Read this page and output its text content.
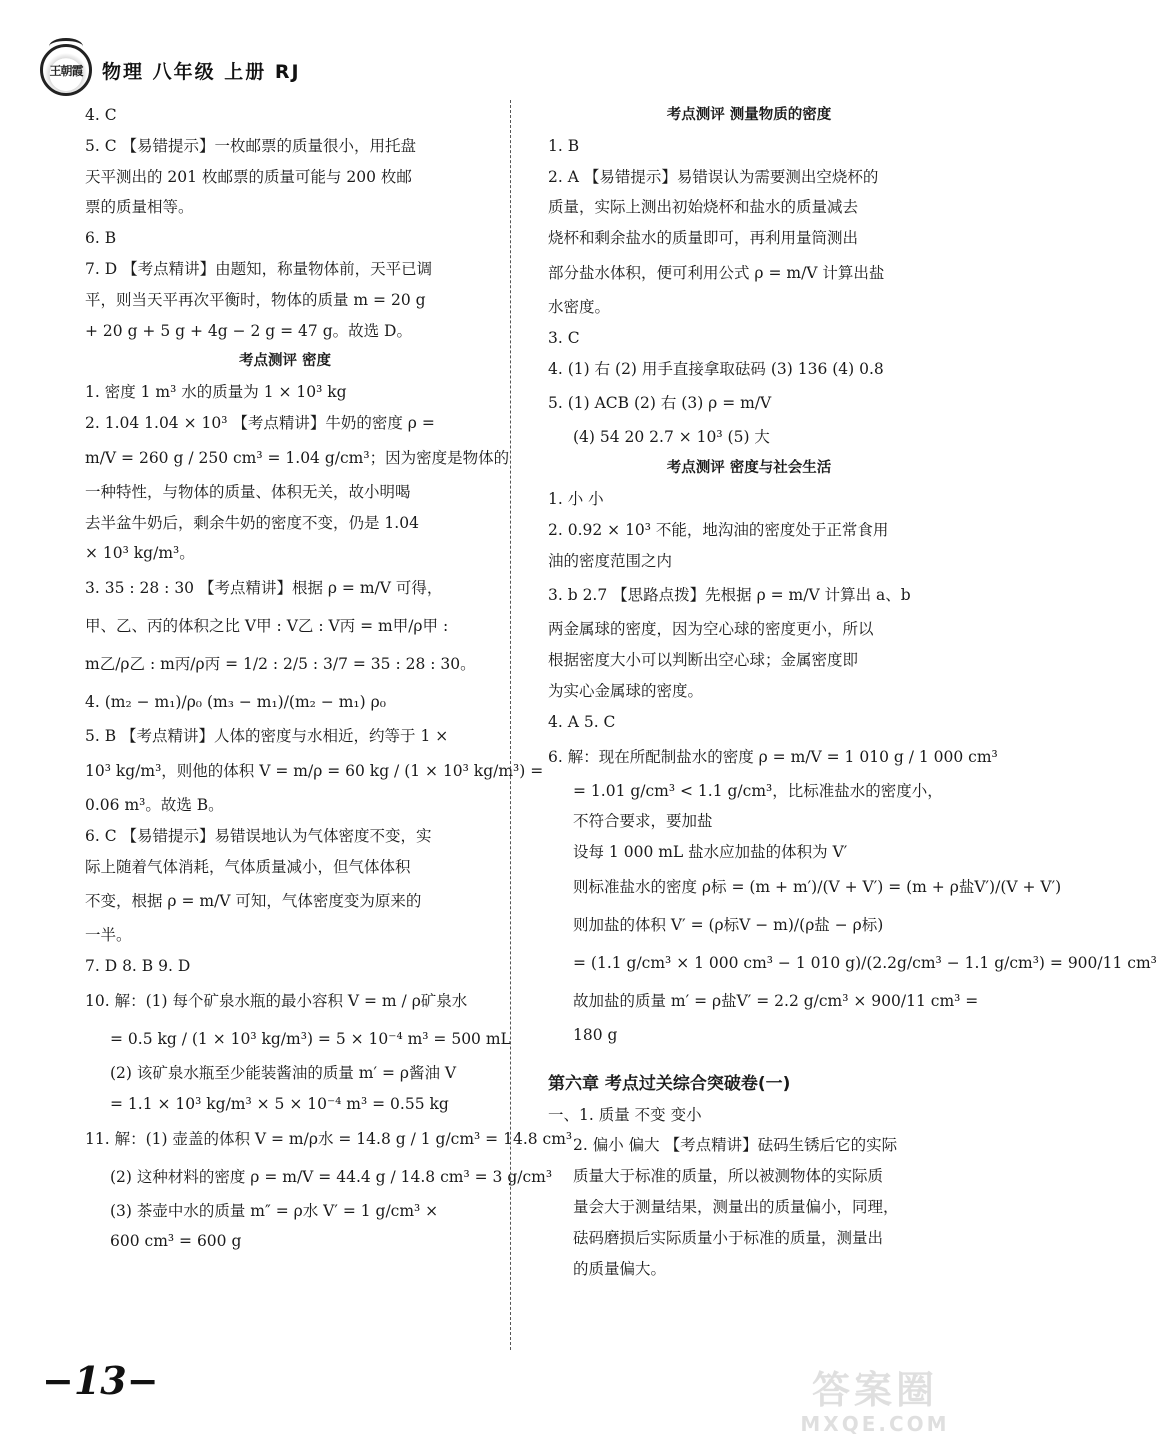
王朝霞	物理 八年级 上册 RJ
4. C
5. C 【易错提示】一枚邮票的质量很小，用托盘
天平测出的 201 枚邮票的质量可能与 200 枚邮
票的质量相等。
6. B
7. D 【考点精讲】由题知，称量物体前，天平已调
平，则当天平再次平衡时，物体的质量 m = 20 g
+ 20 g + 5 g + 4g − 2 g = 47 g。故选 D。
考点测评 密度
1. 密度 1 m³ 水的质量为 1 × 10³ kg
2. 1.04 1.04 × 10³ 【考点精讲】牛奶的密度 ρ =
m/V = 260 g / 250 cm³ = 1.04 g/cm³；因为密度是物体的
一种特性，与物体的质量、体积无关，故小明喝
去半盆牛奶后，剩余牛奶的密度不变，仍是 1.04
× 10³ kg/m³。
3. 35 : 28 : 30 【考点精讲】根据 ρ = m/V 可得，
甲、乙、丙的体积之比 V甲 : V乙 : V丙 = m甲/ρ甲 :
m乙/ρ乙 : m丙/ρ丙 = 1/2 : 2/5 : 3/7 = 35 : 28 : 30。
4. (m₂ − m₁)/ρ₀ (m₃ − m₁)/(m₂ − m₁) ρ₀
5. B 【考点精讲】人体的密度与水相近，约等于 1 ×
10³ kg/m³，则他的体积 V = m/ρ = 60 kg / (1 × 10³ kg/m³) =
0.06 m³。故选 B。
6. C 【易错提示】易错误地认为气体密度不变，实
际上随着气体消耗，气体质量减小，但气体体积
不变，根据 ρ = m/V 可知，气体密度变为原来的
一半。
7. D 8. B 9. D
10. 解：(1) 每个矿泉水瓶的最小容积 V = m / ρ矿泉水
= 0.5 kg / (1 × 10³ kg/m³) = 5 × 10⁻⁴ m³ = 500 mL
(2) 该矿泉水瓶至少能装酱油的质量 m′ = ρ酱油 V
= 1.1 × 10³ kg/m³ × 5 × 10⁻⁴ m³ = 0.55 kg
11. 解：(1) 壶盖的体积 V = m/ρ水 = 14.8 g / 1 g/cm³ = 14.8 cm³
(2) 这种材料的密度 ρ = m/V = 44.4 g / 14.8 cm³ = 3 g/cm³
(3) 茶壶中水的质量 m″ = ρ水 V′ = 1 g/cm³ ×
600 cm³ = 600 g
考点测评 测量物质的密度
1. B
2. A 【易错提示】易错误认为需要测出空烧杯的
质量，实际上测出初始烧杯和盐水的质量减去
烧杯和剩余盐水的质量即可，再利用量筒测出
部分盐水体积，便可利用公式 ρ = m/V 计算出盐
水密度。
3. C
4. (1) 右 (2) 用手直接拿取砝码 (3) 136 (4) 0.8
5. (1) ACB (2) 右 (3) ρ = m/V
(4) 54 20 2.7 × 10³ (5) 大
考点测评 密度与社会生活
1. 小 小
2. 0.92 × 10³ 不能，地沟油的密度处于正常食用
油的密度范围之内
3. b 2.7 【思路点拨】先根据 ρ = m/V 计算出 a、b
两金属球的密度，因为空心球的密度更小，所以
根据密度大小可以判断出空心球；金属密度即
为实心金属球的密度。
4. A 5. C
6. 解：现在所配制盐水的密度 ρ = m/V = 1 010 g / 1 000 cm³
= 1.01 g/cm³ < 1.1 g/cm³，比标准盐水的密度小，
不符合要求，要加盐
设每 1 000 mL 盐水应加盐的体积为 V′
则标准盐水的密度 ρ标 = (m + m′)/(V + V′) = (m + ρ盐V′)/(V + V′)
则加盐的体积 V′ = (ρ标V − m)/(ρ盐 − ρ标)
= (1.1 g/cm³ × 1 000 cm³ − 1 010 g)/(2.2g/cm³ − 1.1 g/cm³) = 900/11 cm³
故加盐的质量 m′ = ρ盐V′ = 2.2 g/cm³ × 900/11 cm³ =
180 g
第六章 考点过关综合突破卷(一)
一、1. 质量 不变 变小
2. 偏小 偏大 【考点精讲】砝码生锈后它的实际
质量大于标准的质量，所以被测物体的实际质
量会大于测量结果，测量出的质量偏小，同理，
砝码磨损后实际质量小于标准的质量，测量出
的质量偏大。
−13−	答案圈
MXQE.COM
